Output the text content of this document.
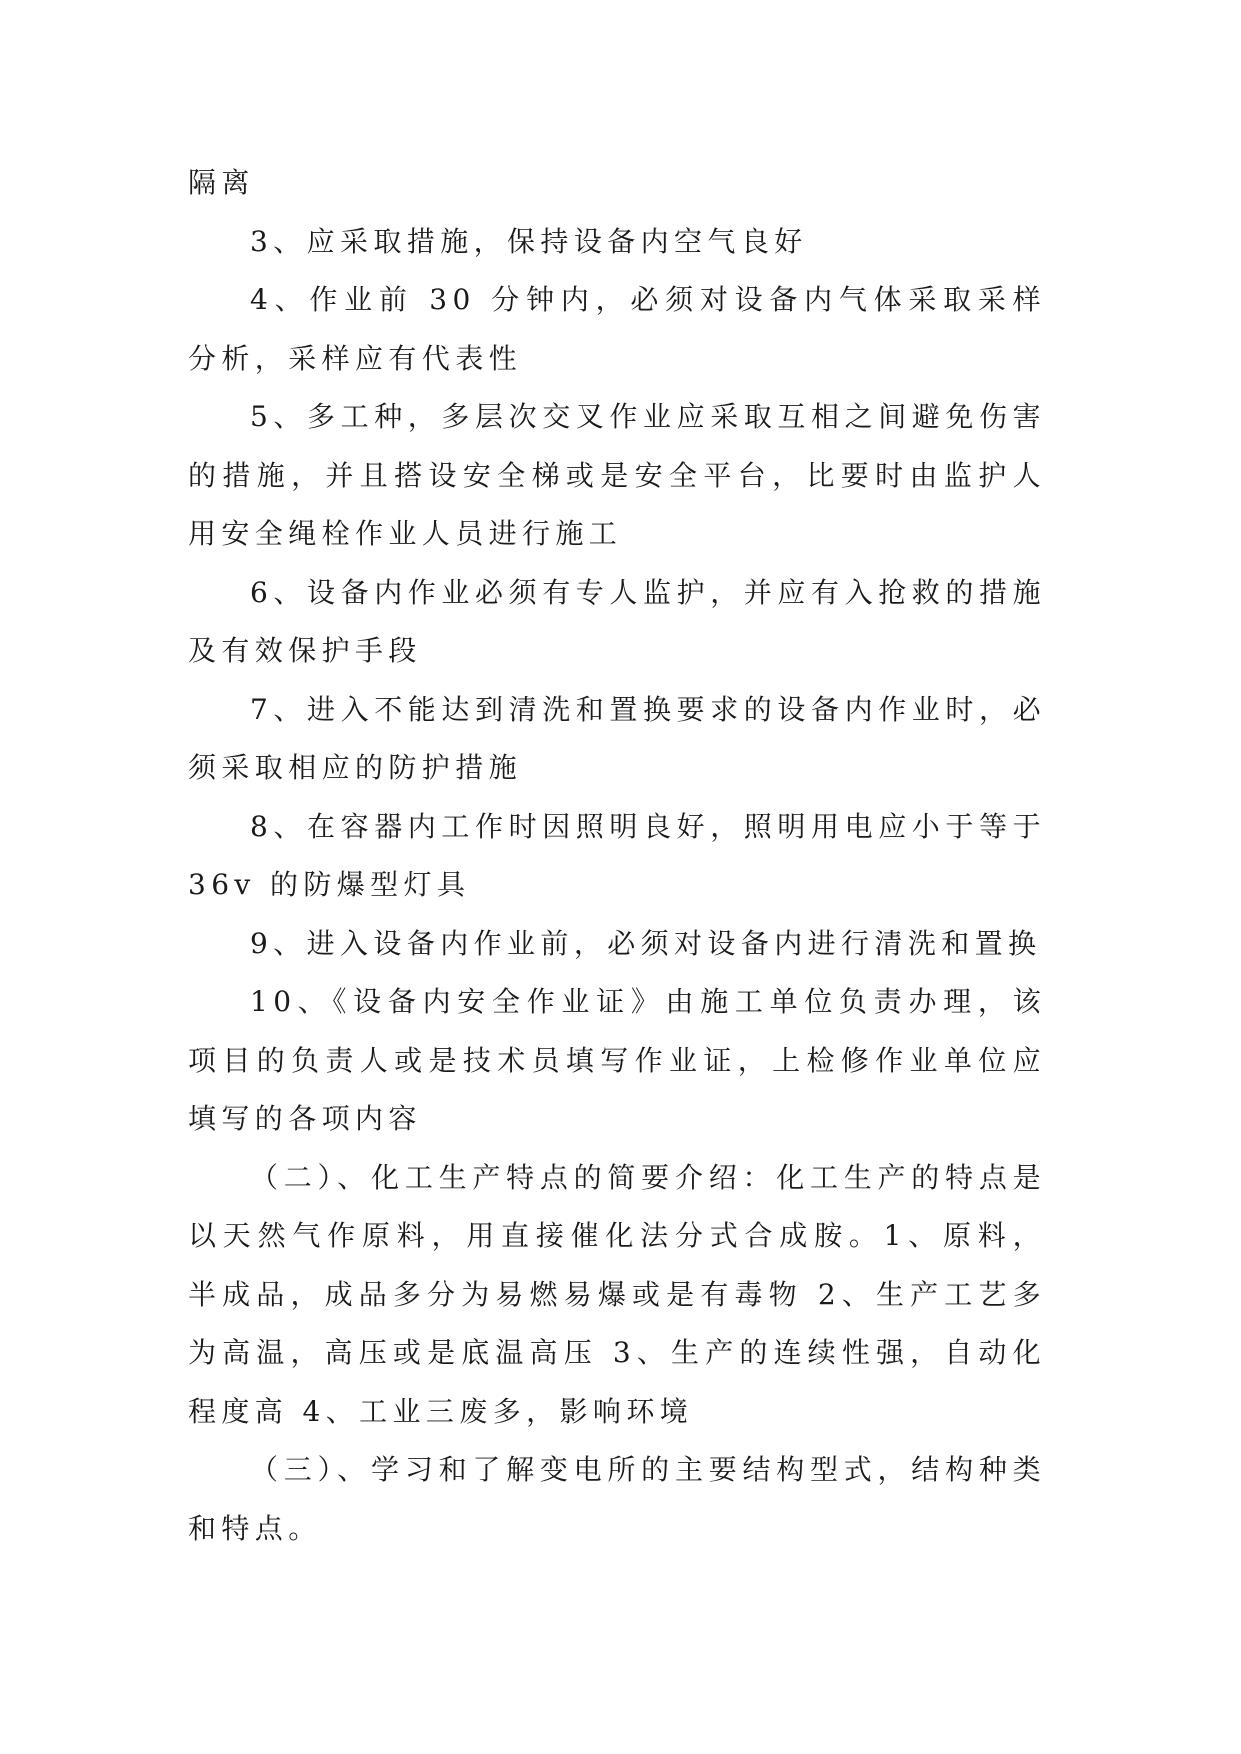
隔离

3、应采取措施，保持设备内空气良好

4、作业前 30 分钟内，必须对设备内气体采取采样分析，采样应有代表性

5、多工种，多层次交叉作业应采取互相之间避免伤害的措施，并且搭设安全梯或是安全平台，比要时由监护人用安全绳栓作业人员进行施工

6、设备内作业必须有专人监护，并应有入抢救的措施及有效保护手段

7、进入不能达到清洗和置换要求的设备内作业时，必须采取相应的防护措施

8、在容器内工作时因照明良好，照明用电应小于等于36v 的防爆型灯具

9、进入设备内作业前，必须对设备内进行清洗和置换

10、《设备内安全作业证》由施工单位负责办理，该项目的负责人或是技术员填写作业证，上检修作业单位应填写的各项内容

（二）、化工生产特点的简要介绍：化工生产的特点是以天然气作原料，用直接催化法分式合成胺。1、原料，半成品，成品多分为易燃易爆或是有毒物 2、生产工艺多为高温，高压或是底温高压 3、生产的连续性强，自动化程度高 4、工业三废多，影响环境

（三）、学习和了解变电所的主要结构型式，结构种类和特点。
